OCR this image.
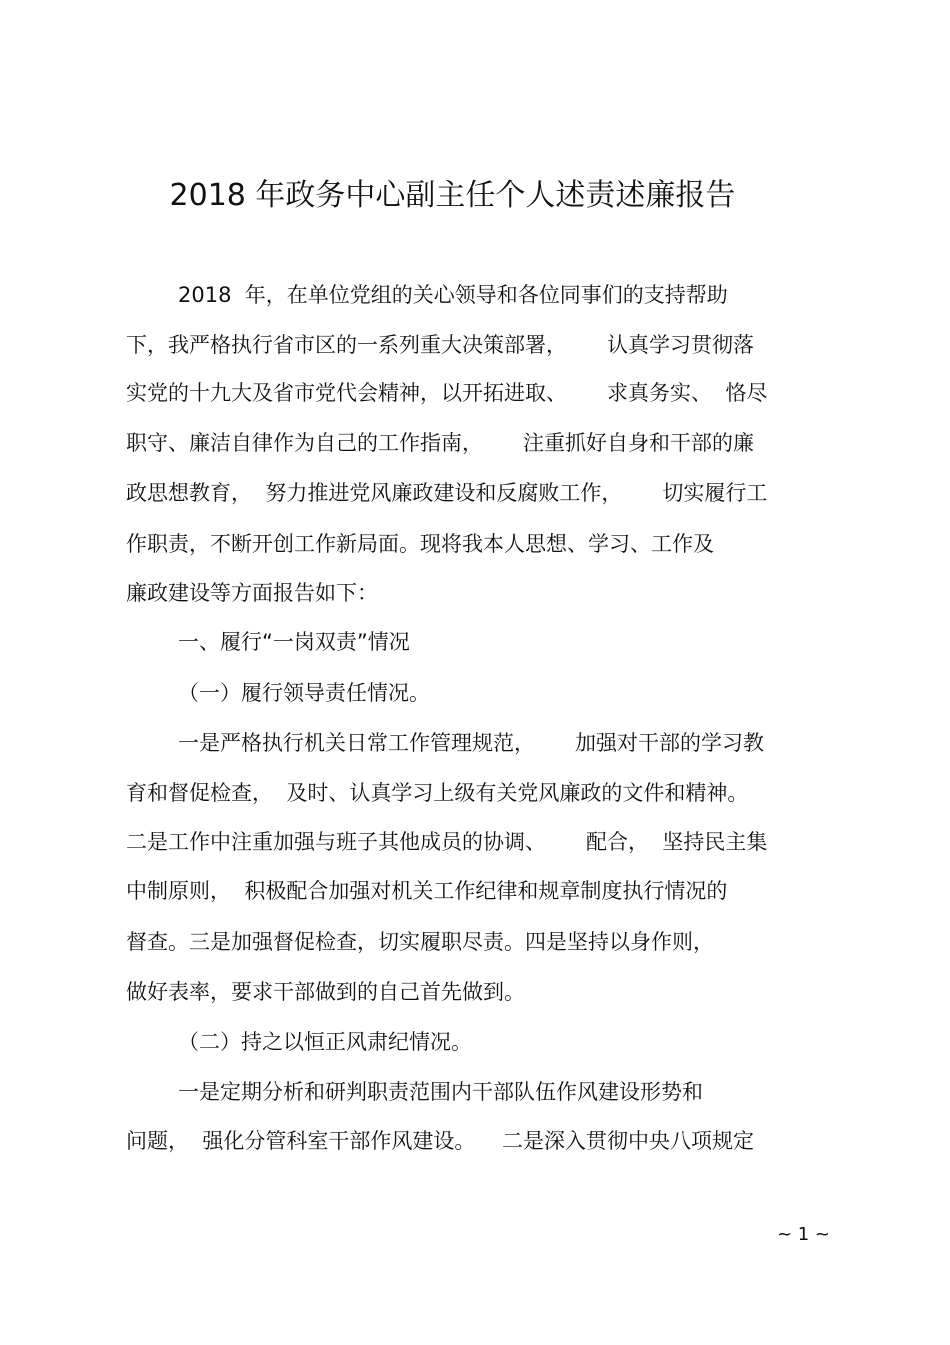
2018 年政务中心副主任个人述责述廉报告
2018  年，在单位党组的关心领导和各位同事们的支持帮助
下，我严格执行省市区的一系列重大决策部署，      认真学习贯彻落
实党的十九大及省市党代会精神，以开拓进取、      求真务实、  恪尽
职守、廉洁自律作为自己的工作指南，      注重抓好自身和干部的廉
政思想教育，  努力推进党风廉政建设和反腐败工作，      切实履行工
作职责，不断开创工作新局面。现将我本人思想、学习、工作及
廉政建设等方面报告如下：
一、履行“一岗双责”情况
（一）履行领导责任情况。
一是严格执行机关日常工作管理规范，      加强对干部的学习教
育和督促检查，  及时、认真学习上级有关党风廉政的文件和精神。
二是工作中注重加强与班子其他成员的协调、      配合，  坚持民主集
中制原则，  积极配合加强对机关工作纪律和规章制度执行情况的
督查。三是加强督促检查，切实履职尽责。四是坚持以身作则，
做好表率，要求干部做到的自己首先做到。
（二）持之以恒正风肃纪情况。
一是定期分析和研判职责范围内干部队伍作风建设形势和
问题，  强化分管科室干部作风建设。    二是深入贯彻中央八项规定
~ 1 ~
